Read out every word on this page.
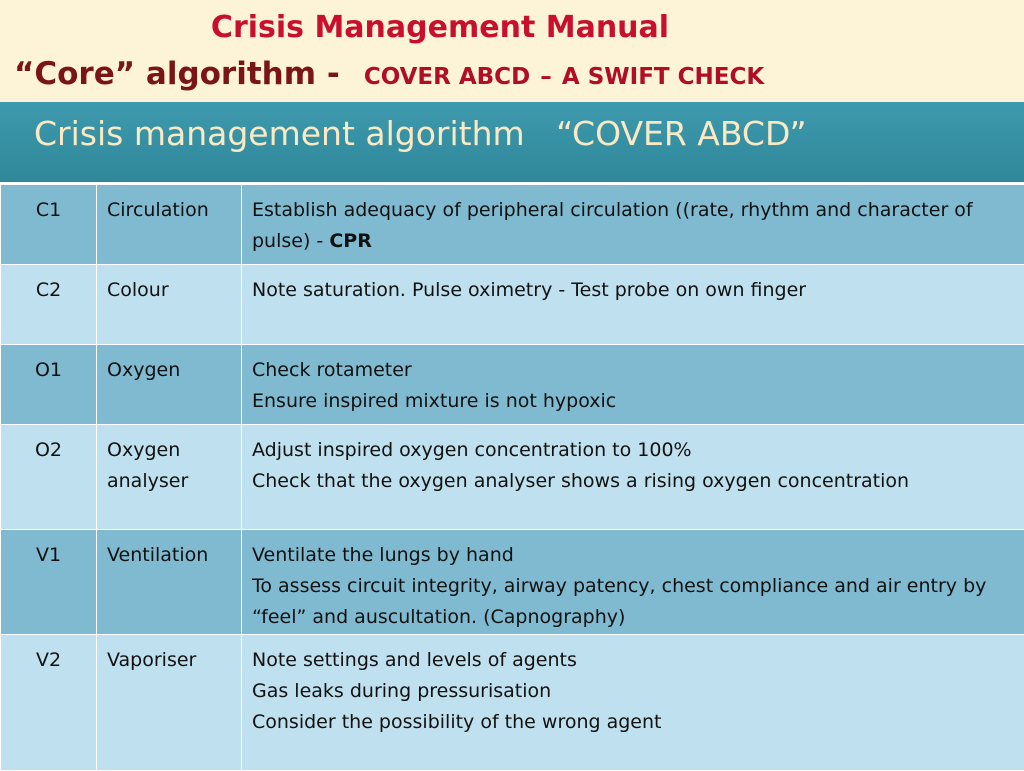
Crisis Management Manual
“Core” algorithm - COVER ABCD – A SWIFT CHECK
Crisis management algorithm   “COVER ABCD”
C1	Circulation	Establish adequacy of peripheral circulation ((rate, rhythm and character of pulse) - CPR

C2	Colour	Note saturation. Pulse oximetry - Test probe on own finger

O1	Oxygen	Check rotameter
Ensure inspired mixture is not hypoxic

O2	Oxygen analyser	Adjust inspired oxygen concentration to 100%
Check that the oxygen analyser shows a rising oxygen concentration

V1	Ventilation	Ventilate the lungs by hand
To assess circuit integrity, airway patency, chest compliance and air entry by “feel” and auscultation. (Capnography)

V2	Vaporiser	Note settings and levels of agents
Gas leaks during pressurisation
Consider the possibility of the wrong agent
